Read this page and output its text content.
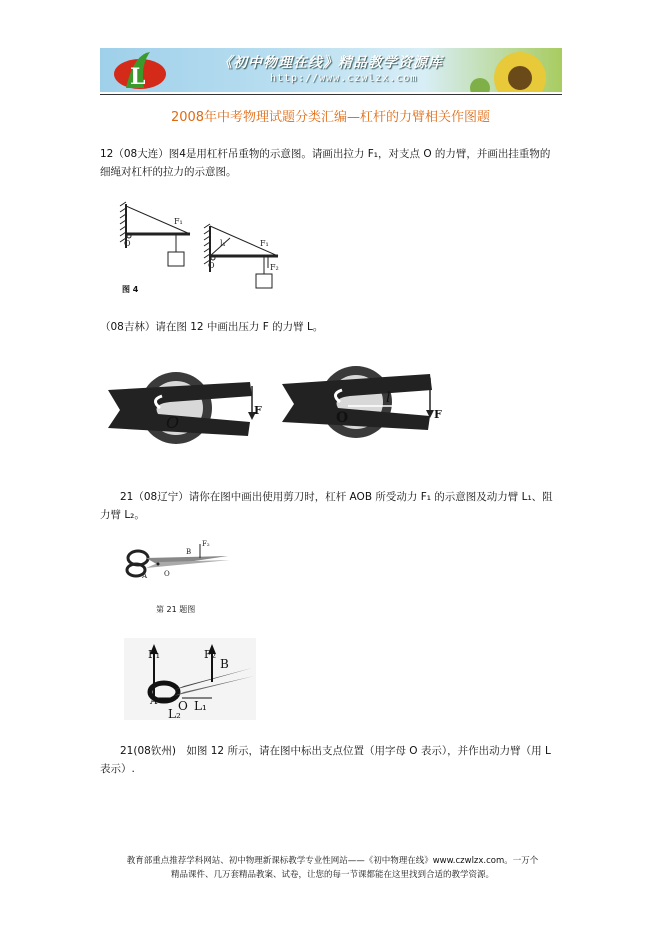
L
《初中物理在线》精品教学资源库
http://www.czwlzx.com
2008年中考物理试题分类汇编—杠杆的力臂相关作图题
12（08大连）图4是用杠杆吊重物的示意图。请画出拉力 F₁，对支点 O 的力臂，并画出挂重物的细绳对杠杆的拉力的示意图。
F₁
O	F₁
l₁
F₂
O
图 4
（08吉林）请在图 12 中画出压力 F 的力臂 L。
O
F	O
l
F
21（08辽宁）请你在图中画出使用剪刀时，杠杆 AOB 所受动力 F₁ 的示意图及动力臂 L₁、阻力臂 L₂。
B
F₂
A O
第 21 题图
F₁	F₂
B
A O L₁
L₂
21(08钦州)　如图 12 所示，请在图中标出支点位置（用字母 O 表示），并作出动力臂（用 L 表示）.
教育部重点推荐学科网站、初中物理新课标教学专业性网站——《初中物理在线》www.czwlzx.com。一万个
精品课件、几万套精品教案、试卷，让您的每一节课都能在这里找到合适的教学资源。
